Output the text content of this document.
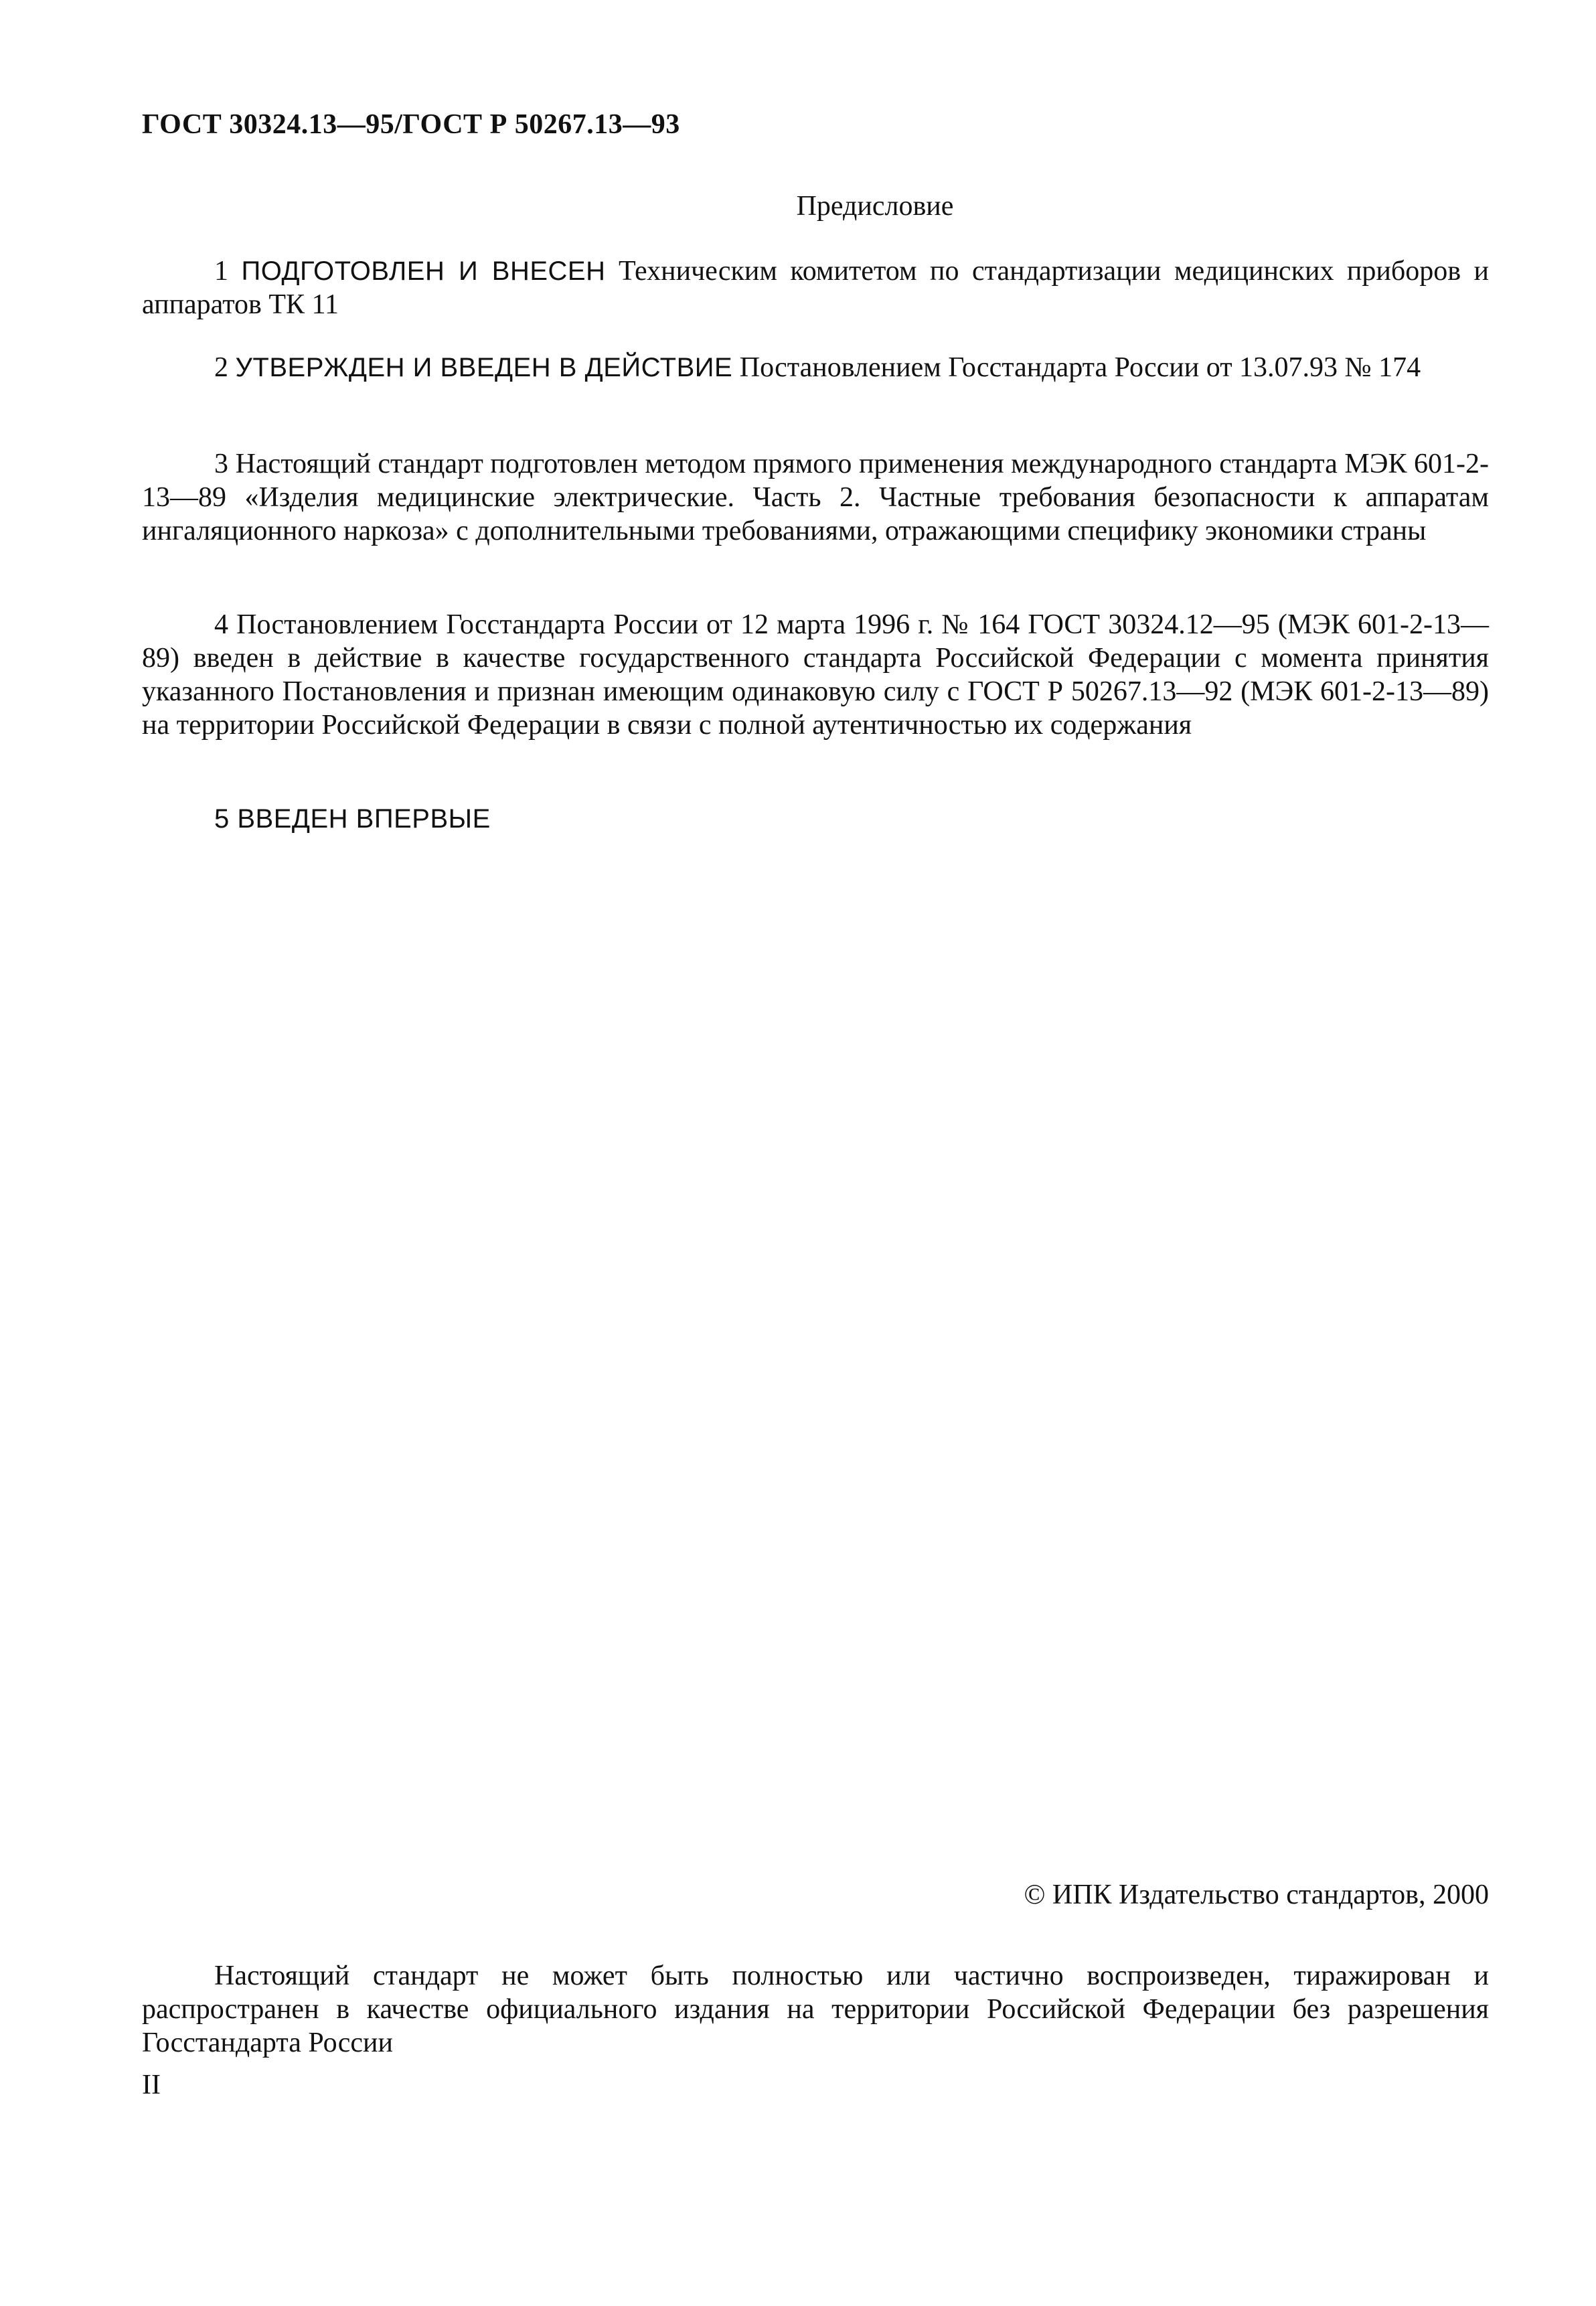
ГОСТ 30324.13—95/ГОСТ Р 50267.13—93
Предисловие

1 ПОДГОТОВЛЕН И ВНЕСЕН Техническим комитетом по стандартизации медицинских приборов и аппаратов ТК 11

2 УТВЕРЖДЕН И ВВЕДЕН В ДЕЙСТВИЕ Постановлением Госстандарта России от 13.07.93 № 174

3 Настоящий стандарт подготовлен методом прямого применения международного стандарта МЭК 601-2-13—89 «Изделия медицинские электрические. Часть 2. Частные требования безопасности к аппаратам ингаляционного наркоза» с дополнительными требованиями, отражающими специфику экономики страны

4 Постановлением Госстандарта России от 12 марта 1996 г. № 164 ГОСТ 30324.12—95 (МЭК 601-2-13—89) введен в действие в качестве государственного стандарта Российской Федерации с момента принятия указанного Постановления и признан имеющим одинаковую силу с ГОСТ Р 50267.13—92 (МЭК 601-2-13—89) на территории Российской Федерации в связи с полной аутентичностью их содержания

5 ВВЕДЕН ВПЕРВЫЕ
© ИПК Издательство стандартов, 2000

Настоящий стандарт не может быть полностью или частично воспроизведен, тиражирован и распространен в качестве официального издания на территории Российской Федерации без разрешения Госстандарта России

II
